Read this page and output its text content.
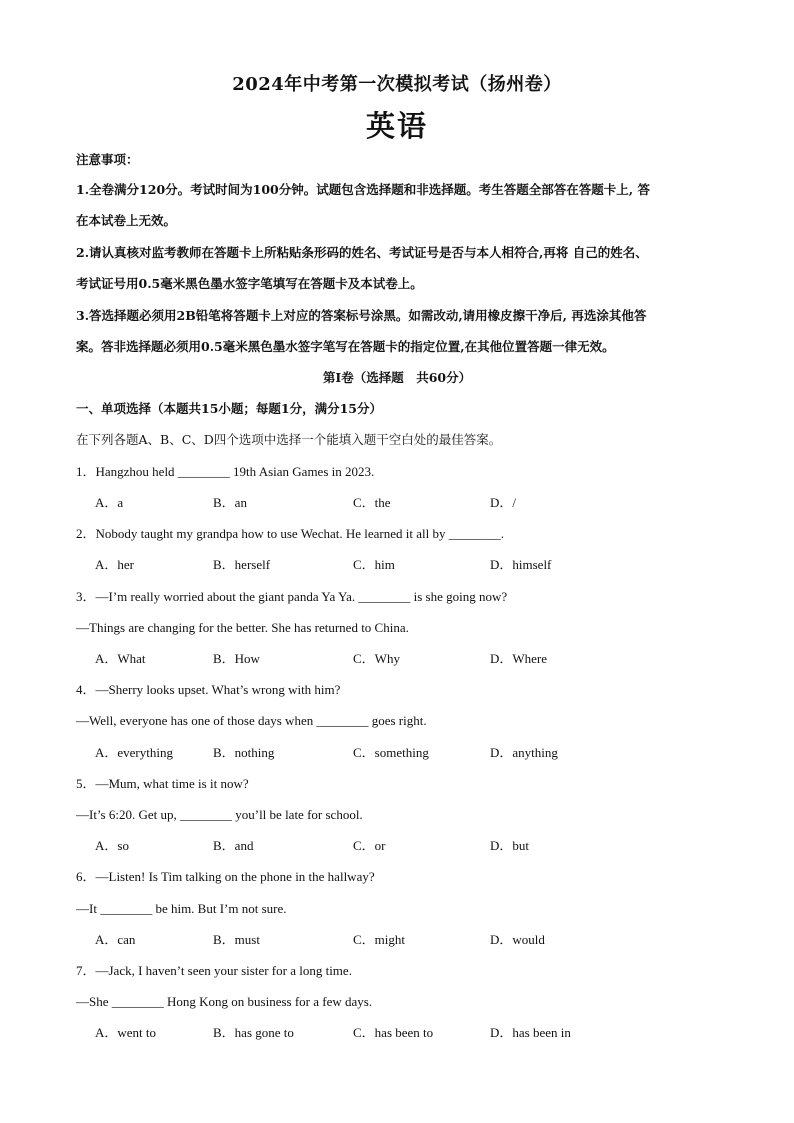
2024年中考第一次模拟考试（扬州卷）
英语
注意事项：
1.全卷满分120分。考试时间为100分钟。试题包含选择题和非选择题。考生答题全部答在答题卡上, 答
在本试卷上无效。
2.请认真核对监考教师在答题卡上所粘贴条形码的姓名、考试证号是否与本人相符合,再将 自己的姓名、
考试证号用0.5毫米黑色墨水签字笔填写在答题卡及本试卷上。
3.答选择题必须用2B铅笔将答题卡上对应的答案标号涂黑。如需改动,请用橡皮擦干净后, 再选涂其他答
案。答非选择题必须用0.5毫米黑色墨水签字笔写在答题卡的指定位置,在其他位置答题一律无效。
第I卷（选择题　共60分）
一、单项选择（本题共15小题；每题1分，满分15分）
在下列各题A、B、C、D四个选项中选择一个能填入题干空白处的最佳答案。
1．Hangzhou held ________ 19th Asian Games in 2023.
A．a	B．an	C．the	D．/
2．Nobody taught my grandpa how to use Wechat. He learned it all by ________.
A．her	B．herself	C．him	D．himself
3．—I’m really worried about the giant panda Ya Ya. ________ is she going now?
—Things are changing for the better. She has returned to China.
A．What	B．How	C．Why	D．Where
4．—Sherry looks upset. What’s wrong with him?
—Well, everyone has one of those days when ________ goes right.
A．everything	B．nothing	C．something	D．anything
5．—Mum, what time is it now?
—It’s 6:20. Get up, ________ you’ll be late for school.
A．so	B．and	C．or	D．but
6．—Listen! Is Tim talking on the phone in the hallway?
—It ________ be him. But I’m not sure.
A．can	B．must	C．might	D．would
7．—Jack, I haven’t seen your sister for a long time.
—She ________ Hong Kong on business for a few days.
A．went to	B．has gone to	C．has been to	D．has been in
